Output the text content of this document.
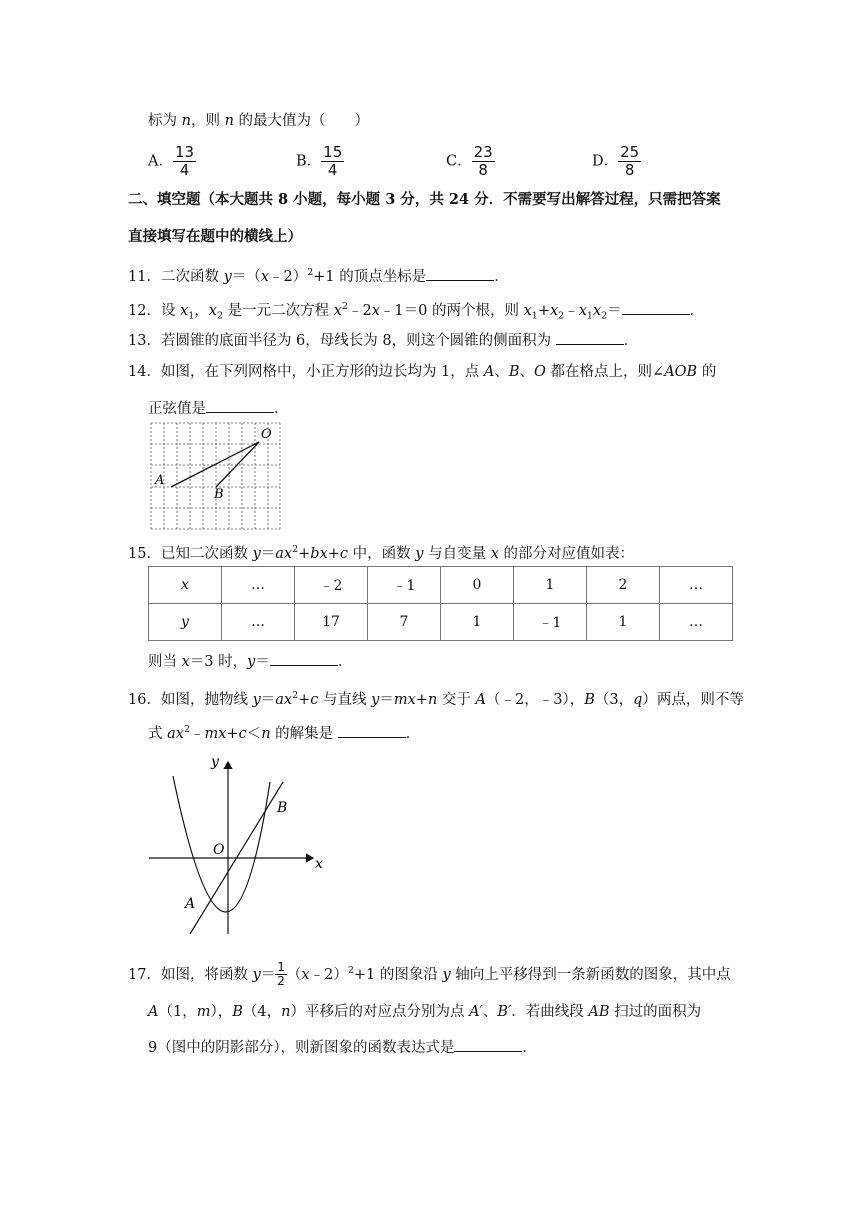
标为 n，则 n 的最大值为（　　）
A． $\frac{13}{4}$	B． $\frac{15}{4}$	C． $\frac{23}{8}$	D． $\frac{25}{8}$
二、填空题（本大题共 8 小题，每小题 3 分，共 24 分．不需要写出解答过程，只需把答案
直接填写在题中的横线上）
11．二次函数 y＝（x﹣2）$^2$+1 的顶点坐标是	．
12．设 $x_1$，$x_2$ 是一元二次方程 $x^2﹣2x﹣1=0$ 的两个根，则 $x_1+x_2﹣x_1x_2=$	．
13．若圆锥的底面半径为 6，母线长为 8，则这个圆锥的侧面积为	．
14．如图，在下列网格中，小正方形的边长均为 1，点 A、B、O 都在格点上，则∠AOB 的
正弦值是	．
A
B
O
15．已知二次函数 $y=ax^2+bx+c$ 中，函数 y 与自变量 x 的部分对应值如表：
x	…	﹣2	﹣1	0	1	2	…
y	…	17	7	1	﹣1	1	…
则当 x＝3 时，y＝	．
16．如图，抛物线 $y=ax^2+c$ 与直线 y＝mx+n 交于 A（﹣2，﹣3），B（3，q）两点，则不等
式 $ax^2﹣mx+c<n$ 的解集是	．
y
x
O
A
B
17．如图，将函数 $y= \frac{1}{2}$ （x﹣2）$^2$+1 的图象沿 y 轴向上平移得到一条新函数的图象，其中点
A（1，m），B（4，n）平移后的对应点分别为点 A′、B′．若曲线段 AB 扫过的面积为
9（图中的阴影部分），则新图象的函数表达式是	．
